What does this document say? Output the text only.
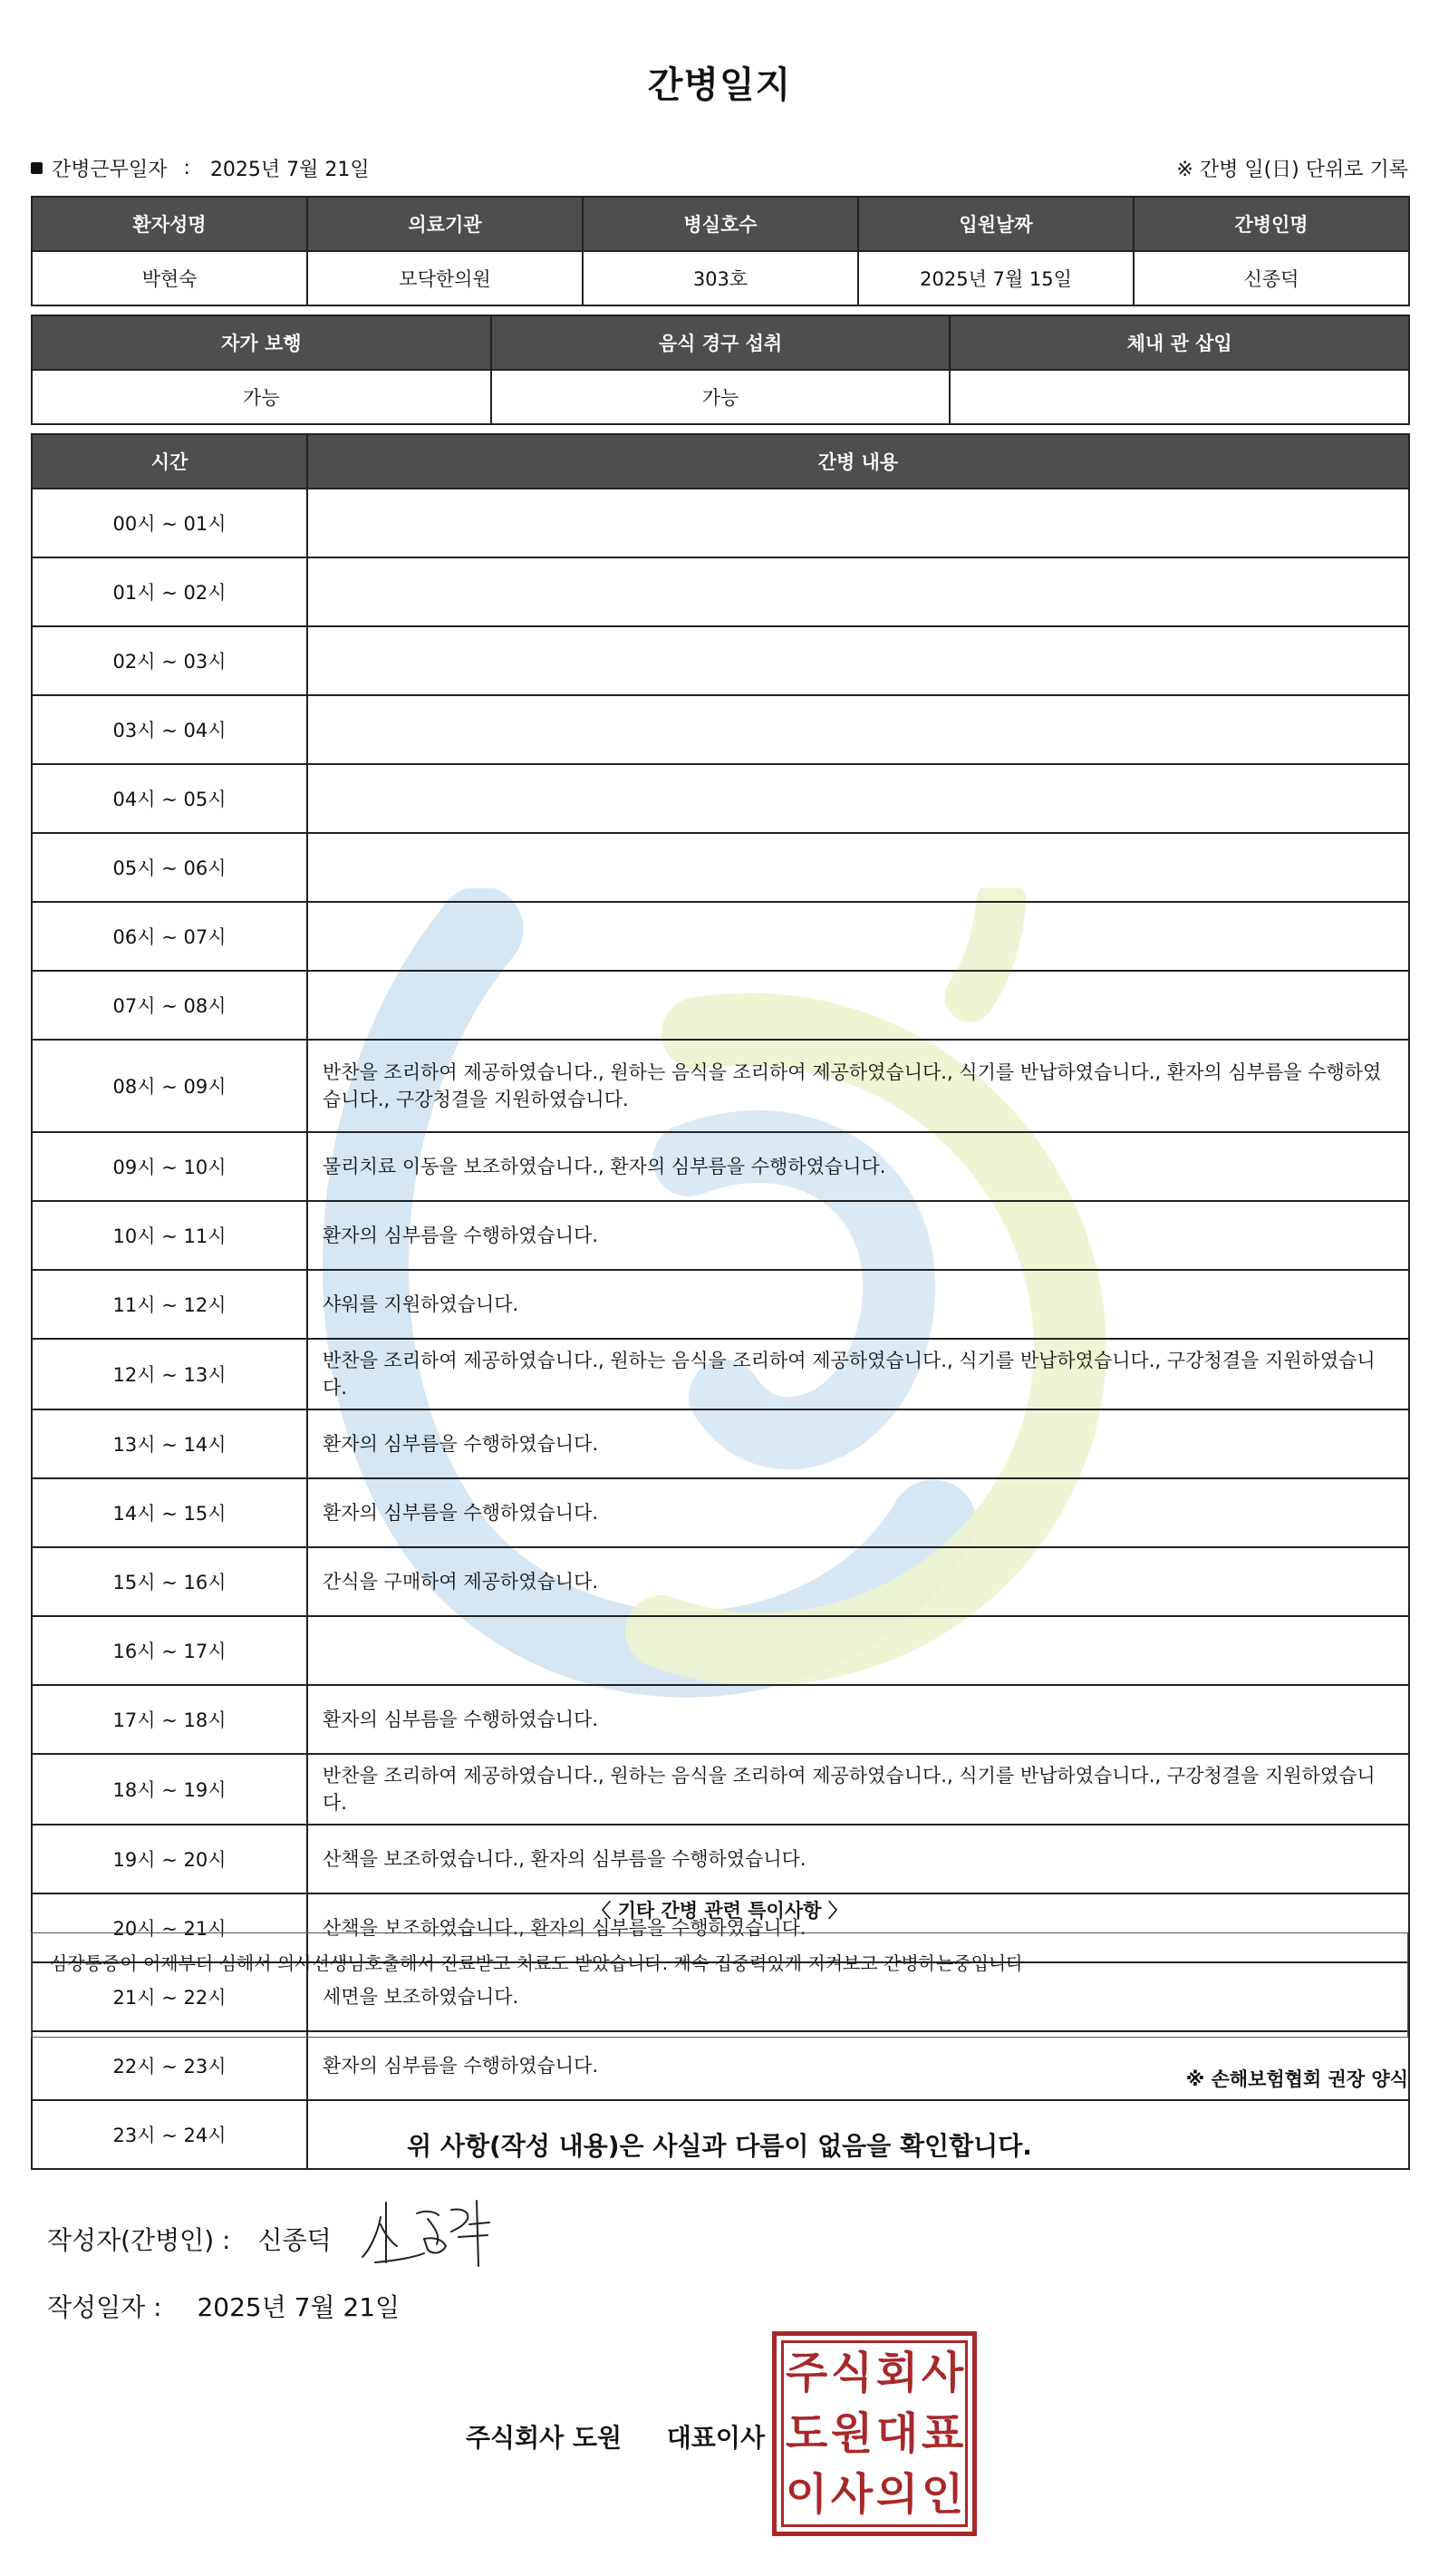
간병일지
간병근무일자 : 2025년 7월 21일	※ 간병 일(日) 단위로 기록
환자성명	의료기관	병실호수	입원날짜	간병인명
박현숙	모닥한의원	303호	2025년 7월 15일	신종덕
자가 보행	음식 경구 섭취	체내 관 삽입
가능	가능	
시간	간병 내용
00시 ~ 01시	
01시 ~ 02시	
02시 ~ 03시	
03시 ~ 04시	
04시 ~ 05시	
05시 ~ 06시	
06시 ~ 07시	
07시 ~ 08시	
08시 ~ 09시	반찬을 조리하여 제공하였습니다., 원하는 음식을 조리하여 제공하였습니다., 식기를 반납하였습니다., 환자의 심부름을 수행하였습니다., 구강청결을 지원하였습니다.
09시 ~ 10시	물리치료 이동을 보조하였습니다., 환자의 심부름을 수행하였습니다.
10시 ~ 11시	환자의 심부름을 수행하였습니다.
11시 ~ 12시	샤워를 지원하였습니다.
12시 ~ 13시	반찬을 조리하여 제공하였습니다., 원하는 음식을 조리하여 제공하였습니다., 식기를 반납하였습니다., 구강청결을 지원하였습니다.
13시 ~ 14시	환자의 심부름을 수행하였습니다.
14시 ~ 15시	환자의 심부름을 수행하였습니다.
15시 ~ 16시	간식을 구매하여 제공하였습니다.
16시 ~ 17시	
17시 ~ 18시	환자의 심부름을 수행하였습니다.
18시 ~ 19시	반찬을 조리하여 제공하였습니다., 원하는 음식을 조리하여 제공하였습니다., 식기를 반납하였습니다., 구강청결을 지원하였습니다.
19시 ~ 20시	산책을 보조하였습니다., 환자의 심부름을 수행하였습니다.
20시 ~ 21시	산책을 보조하였습니다., 환자의 심부름을 수행하였습니다.
21시 ~ 22시	세면을 보조하였습니다.
22시 ~ 23시	환자의 심부름을 수행하였습니다.
23시 ~ 24시	
〈 기타 간병 관련 특이사항 〉
심장통증이 어제부터 심해서 의사선생님호출해서 진료받고 치료도 받았습니다. 계속 집중력있게 지켜보고 간병하는중입니다
※ 손해보험협회 권장 양식
위 사항(작성 내용)은 사실과 다름이 없음을 확인합니다.
작성자(간병인) : 신종덕
작성일자 : 2025년 7월 21일
주식회사 도원 대표이사
주 식 회 사
도 원 대 표
이 사 의 인
